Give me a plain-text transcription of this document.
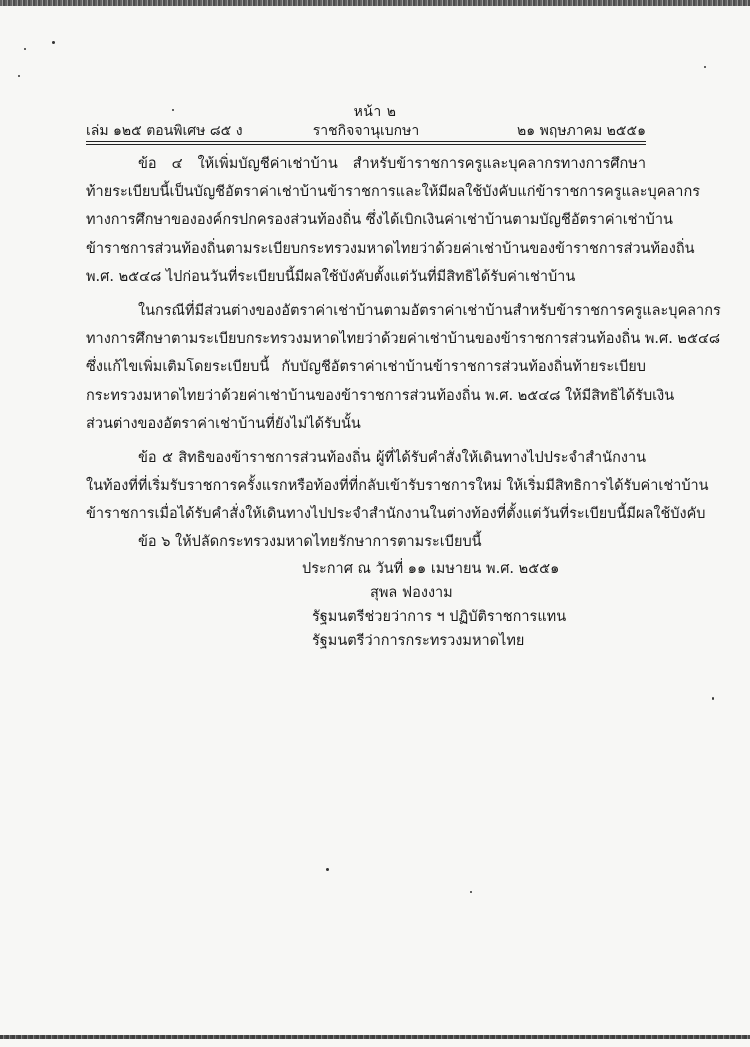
หน้า ๒
ราชกิจจานุเบกษา
เล่ม ๑๒๕ ตอนพิเศษ ๘๕ ง	๒๑ พฤษภาคม ๒๕๕๑
ข้อ ๔ ให้เพิ่มบัญชีค่าเช่าบ้าน สำหรับข้าราชการครูและบุคลากรทางการศึกษา
ท้ายระเบียบนี้เป็นบัญชีอัตราค่าเช่าบ้านข้าราชการและให้มีผลใช้บังคับแก่ข้าราชการครูและบุคลากร
ทางการศึกษาขององค์กรปกครองส่วนท้องถิ่น ซึ่งได้เบิกเงินค่าเช่าบ้านตามบัญชีอัตราค่าเช่าบ้าน
ข้าราชการส่วนท้องถิ่นตามระเบียบกระทรวงมหาดไทยว่าด้วยค่าเช่าบ้านของข้าราชการส่วนท้องถิ่น
พ.ศ. ๒๕๔๘ ไปก่อนวันที่ระเบียบนี้มีผลใช้บังคับตั้งแต่วันที่มีสิทธิได้รับค่าเช่าบ้าน
ในกรณีที่มีส่วนต่างของอัตราค่าเช่าบ้านตามอัตราค่าเช่าบ้านสำหรับข้าราชการครูและบุคลากร
ทางการศึกษาตามระเบียบกระทรวงมหาดไทยว่าด้วยค่าเช่าบ้านของข้าราชการส่วนท้องถิ่น พ.ศ. ๒๕๔๘
ซึ่งแก้ไขเพิ่มเติมโดยระเบียบนี้ กับบัญชีอัตราค่าเช่าบ้านข้าราชการส่วนท้องถิ่นท้ายระเบียบ
กระทรวงมหาดไทยว่าด้วยค่าเช่าบ้านของข้าราชการส่วนท้องถิ่น พ.ศ. ๒๕๔๘ ให้มีสิทธิได้รับเงิน
ส่วนต่างของอัตราค่าเช่าบ้านที่ยังไม่ได้รับนั้น
ข้อ ๕ สิทธิของข้าราชการส่วนท้องถิ่น ผู้ที่ได้รับคำสั่งให้เดินทางไปประจำสำนักงาน
ในท้องที่ที่เริ่มรับราชการครั้งแรกหรือท้องที่ที่กลับเข้ารับราชการใหม่ ให้เริ่มมีสิทธิการได้รับค่าเช่าบ้าน
ข้าราชการเมื่อได้รับคำสั่งให้เดินทางไปประจำสำนักงานในต่างท้องที่ตั้งแต่วันที่ระเบียบนี้มีผลใช้บังคับ
ข้อ ๖ ให้ปลัดกระทรวงมหาดไทยรักษาการตามระเบียบนี้
ประกาศ ณ วันที่ ๑๑ เมษายน พ.ศ. ๒๕๕๑
สุพล ฟองงาม
รัฐมนตรีช่วยว่าการ ฯ ปฏิบัติราชการแทน
รัฐมนตรีว่าการกระทรวงมหาดไทย
